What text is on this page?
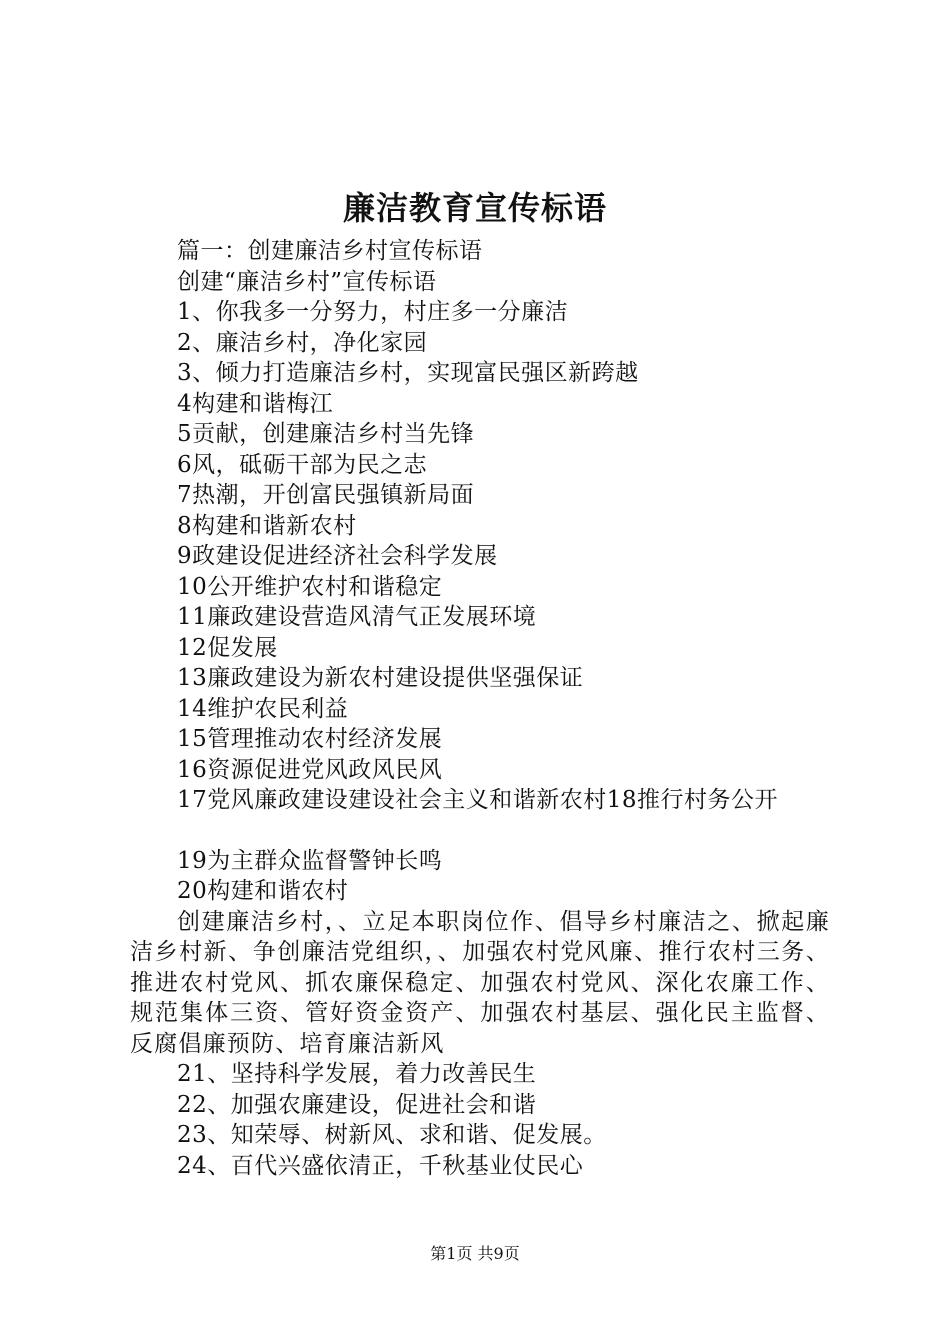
廉洁教育宣传标语
篇一：创建廉洁乡村宣传标语
创建“廉洁乡村”宣传标语
1、你我多一分努力，村庄多一分廉洁
2、廉洁乡村，净化家园
3、倾力打造廉洁乡村，实现富民强区新跨越
4构建和谐梅江
5贡献，创建廉洁乡村当先锋
6风，砥砺干部为民之志
7热潮，开创富民强镇新局面
8构建和谐新农村
9政建设促进经济社会科学发展
10公开维护农村和谐稳定
11廉政建设营造风清气正发展环境
12促发展
13廉政建设为新农村建设提供坚强保证
14维护农民利益
15管理推动农村经济发展
16资源促进党风政风民风
17党风廉政建设建设社会主义和谐新农村18推行村务公开
19为主群众监督警钟长鸣
20构建和谐农村

创建廉洁乡村，、立足本职岗位作、倡导乡村廉洁之、掀起廉洁乡村新、争创廉洁党组织，、加强农村党风廉、推行农村三务、推进农村党风、抓农廉保稳定、加强农村党风、深化农廉工作、规范集体三资、管好资金资产、加强农村基层、强化民主监督、反腐倡廉预防、培育廉洁新风

21、坚持科学发展，着力改善民生
22、加强农廉建设，促进社会和谐
23、知荣辱、树新风、求和谐、促发展。
24、百代兴盛依清正，千秋基业仗民心
第1页 共9页
